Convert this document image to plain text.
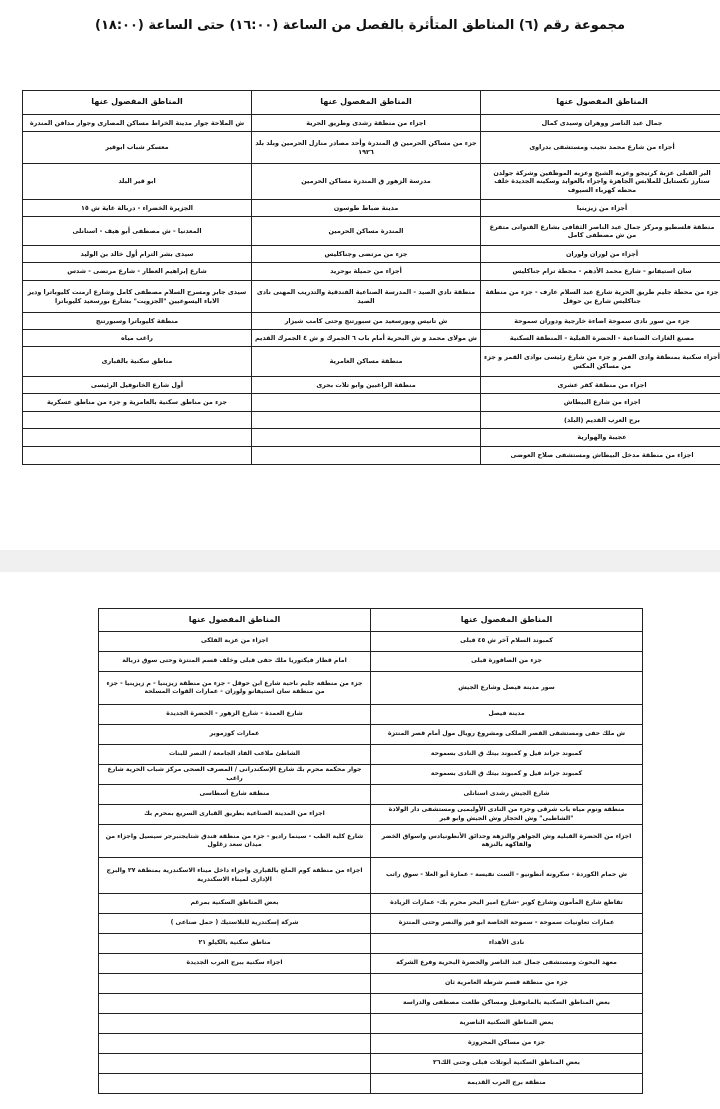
مجموعة رقم (٦) المناطق المتأثرة بالفصل من الساعة (١٦:٠٠) حتى الساعة (١٨:٠٠)
المناطق المفصول عنها	المناطق المفصول عنها	المناطق المفصول عنها
جمال عبد الناصر ووهران وسيدى كمال	اجزاء من منطقة رشدى وطريق الحرية	ش الملاحة جوار مدينة الخراط مساكن المصارى وجوار مدافن المندرة
أجزاء من شارع محمد نجيب ومستشفى بدراوى	جزء من مساكن الحرمين ق المندرة وأحد مصادر منازل الحرمين وبلد بلد ١٩٢٦	معسكر شباب ابوقير
البر القبلى عزبة كرتيجو وعزبه الشيخ وعزبه الموظفين وشركة جولدن ستارز تكستايل للملابس الجاهزة واجزاء بالعوايد وسكينه الجديدة خلف محطه كهرباء السيوف	مدرسة الزهور ق المندرة مساكن الحرمين	ابو قير البلد
أجزاء من زيزينيا	مدينة ضباط طوسون	الجزيرة الخضراء - دربالة غاية ش ١٥
منطقة فلسطيو ومركز جمال عبد الناصر الثقافى بشارع القنواتى متفرع من ش مصطفى كامل	المندرة مساكن الحرمين	المعدنيا - ش مصطفى أبو هيف - اسنانلى
أجزاء من لوران ولوران	جزء من مرتضى وجناكليس	سيدى بشر الترام أول خالد بن الوليد
سان استيفانو - شارع محمد الأدهم - محطة ترام جناكليس	أجزاء من حميلة بوحريد	شارع إبراهيم العطار - شارع مرتضى - شدس
جزء من محطة جليم طريق الحرية شارع عبد السلام عارف - جزء من منطقة جناكليس شارع بن حوقل	منطقة نادي الصيد - المدرسة الصناعية الفندقية والتدريب المهنى نادى الصيد	سيدى جابر ومسرح السلام مصطفى كامل وشارع ارمنت كليوباترا ودير الاباء اليسوعيين "الجزويت" بشارع بورسعيد كليوباترا
جزء من سور نادى سموحة اضاءة خارجية ودوران سموحة	ش تانيس وبورسعيد من سبورتنج وحتى كامب شيزار	منطقة كليوباترا وسبورتنج
مصنع الغازات الصناعية - الحضرة القبلية - المنطقة السكنية	ش مولاى محمد و ش البحرية أمام باب ٦ الجمرك و ش ٤ الجمرك القديم	راغب مياه
أجزاء سكنية بمنطقة وادى القمر و جزء من شارع رئيسى بوادى القمر و جزء من مساكن المكس	منطقة مساكن العامرية	مناطق سكنية بالقبارى
اجزاء من منطقة كفر عشرى	منطقة الراغبين وابو تلات بحرى	أول شارع الخانوفيل الرئيسى
اجزاء من شارع البيطاش		جزء من مناطق سكنية بالعامرية و جزء من مناطق عسكرية
برج العرب القديم (البلد)		
عجيبة والهوارية		
اجزاء من منطقة مدخل البيطاش ومستشفى صلاح العوضى		
المناطق المفصول عنها	المناطق المفصول عنها
كمبوند السلام آخر ش ٤٥ قبلى	اجزاء من عزبة الفلكى
جزء من الصافورة قبلى	امام قطار فيكتوريا ملك حفى قبلى وخلف قسم المنتزة وحتى سوق دربالة
سور مدينة فيصل وشارع الجيش	جزء من منطقة جليم ناحية شارع ابن حوقل - جزء من منطقة زيزينيا - م زيزينيا - جزء من منطقة سان استيفانو ولوران - عمارات القوات المسلحة
مدينة فيصل	شارع العمدة - شارع الزهور - الحضرة الجديدة
ش ملك حفى ومستشفى القصر الملكى ومشروع رويال مول أمام قصر المنتزة	عمارات كوزموبر
كمبوند جراند فيل و كمبوند بيتك ق النادى بسموحة	الشاطئ ملاعب الفاد الجامعة / النصر للبنات
كمبوند جراند فيل و كمبوند بيتك ق النادى بسموحة	جوار محكمة محرم بك شارع الإسكندرانى / المصرف الصحى مركز شباب الحرية شارع راغب
شارع الجيش رشدى اسنانلى	منطقة شارع أسطاسى
منطقة ونوم مياه باب شرقى وجزء من النادى الأوليمبى ومستشفى دار الولادة "الشاطبى" وش الحجاز وش الجيش وابو قير	اجزاء من المدينة الصناعية بطريق القبارى السريع بمحرم بك
اجزاء من الحضرة القبلية وش الجواهر والنزهة وحدائق الأنطونيادس واسواق الخضر والفاكهة بالنزهة	شارع كلية الطب - سينما راديو - جزء من منطقة فندق شتايجنبرجر سيسيل واجزاء من ميدان سعد زغلول
ش حمام الكوردة - سكرونة أنطونيو - الست نفيسة - عمارة أبو العلا - سوق راتب	اجزاء من منطقة كوم الملح بالقبارى واجزاء داخل ميناء الاسكندرية بمنطقة ٢٧ والبرج الإدارى لميناء الاسكندرية
تقاطع شارع المأمون وشارع كوبر -شارع امير البحر محرم بك- عمارات الريادة	بعض المناطق السكنية بمرغم
عمارات تعاونيات سموحة - سموحة الخاصة ابو قير والنصر وحتى المنتزة	شركة إسكندرية للبلاستيك ( حمل صناعى )
نادى الأهداء	مناطق سكنية بالكيلو ٢١
معهد البحوث ومستشفى جمال عبد الناصر والحضرة البحرية وفرع الشركة	اجزاء سكنية ببرج العرب الجديدة
جزء من منطقة قسم شرطة العامرية ثان	
بعض المناطق السكنية بالمانوفيل ومساكن طلعت مصطفى والدراسة	
بعض المناطق السكنية الناصرية	
جزء من مساكن المحروزة	
بعض المناطق السكنية أبوتلات قبلى وحتى الك٢٦	
منطقة برج العرب القديمة	
